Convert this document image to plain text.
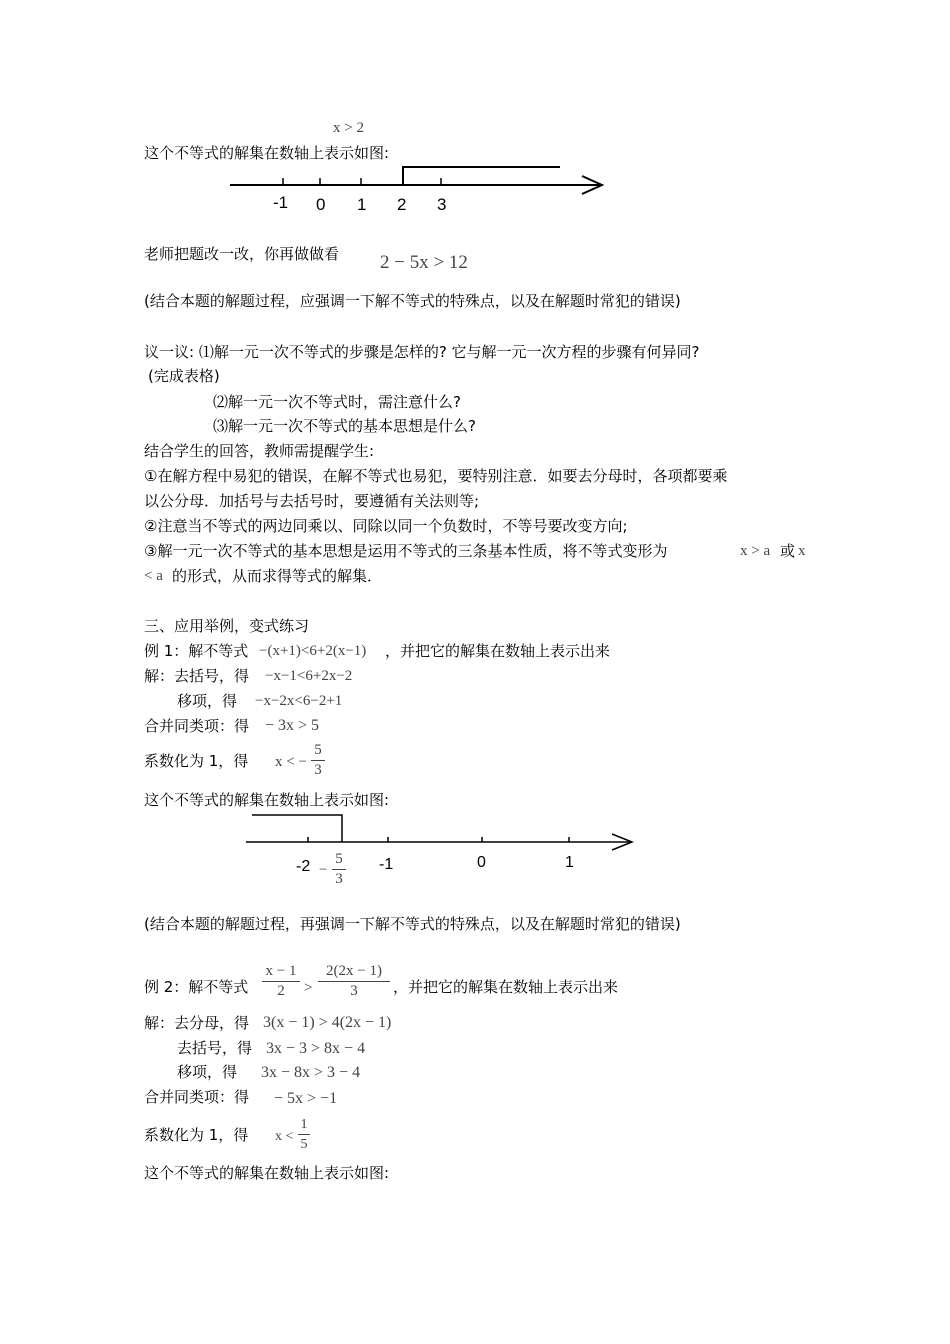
x > 2
这个不等式的解集在数轴上表示如图:
-1 0 1 2 3
老师把题改一改，你再做做看 2 − 5x > 12
(结合本题的解题过程，应强调一下解不等式的特殊点，以及在解题时常犯的错误)
议一议: ⑴解一元一次不等式的步骤是怎样的? 它与解一元一次方程的步骤有何异同?
(完成表格)
⑵解一元一次不等式时，需注意什么?
⑶解一元一次不等式的基本思想是什么?
结合学生的回答，教师需提醒学生:
①在解方程中易犯的错误，在解不等式也易犯，要特别注意．如要去分母时，各项都要乘
以公分母．加括号与去括号时，要遵循有关法则等;
②注意当不等式的两边同乘以、同除以同一个负数时，不等号要改变方向;
③解一元一次不等式的基本思想是运用不等式的三条基本性质，将不等式变形为	x > a 或 x
< a 的形式，从而求得等式的解集．
三、应用举例，变式练习
例 1：解不等式 −(x+1)<6+2(x−1) ，并把它的解集在数轴上表示出来
解：去括号，得 −x−1<6+2x−2
移项，得 −x−2x<6−2+1
合并同类项：得 − 3x > 5
系数化为 1，得 x < −
5
3
这个不等式的解集在数轴上表示如图:
-2 −
5
3
-1	0	1
(结合本题的解题过程，再强调一下解不等式的特殊点，以及在解题时常犯的错误)
例 2：解不等式
x − 1
2	>
2(2x − 1)
3	，并把它的解集在数轴上表示出来
解：去分母，得 3(x − 1) > 4(2x − 1)
去括号，得 3x − 3 > 8x − 4
移项，得 3x − 8x > 3 − 4
合并同类项：得 − 5x > −1
系数化为 1，得 x <
1
5
这个不等式的解集在数轴上表示如图:
